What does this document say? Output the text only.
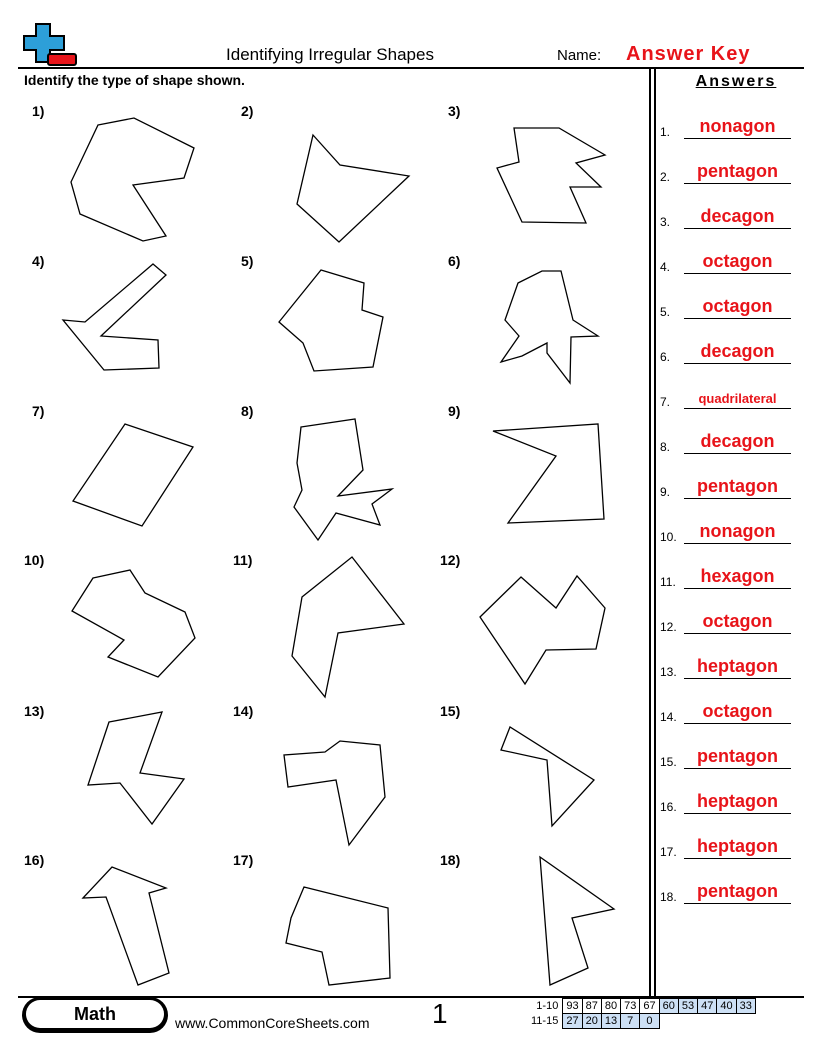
Identifying Irregular Shapes	Name: Answer Key
Identify the type of shape shown.	Answers
1)	2)	3)
4)	5)	6)
7)	8)	9)
10)	11)	12)
13)	14)	15)
16)	17)	18)
1.	nonagon
2.	pentagon
3.	decagon
4.	octagon
5.	octagon
6.	decagon
7.	quadrilateral
8.	decagon
9.	pentagon
10.	nonagon
11.	hexagon
12.	octagon
13.	heptagon
14.	octagon
15.	pentagon
16.	heptagon
17.	heptagon
18.	pentagon
Math	www.CommonCoreSheets.com 1	1-10	93	87	80	73	67	60	53	47	40	33
11-15	27	20	13	7	0					
